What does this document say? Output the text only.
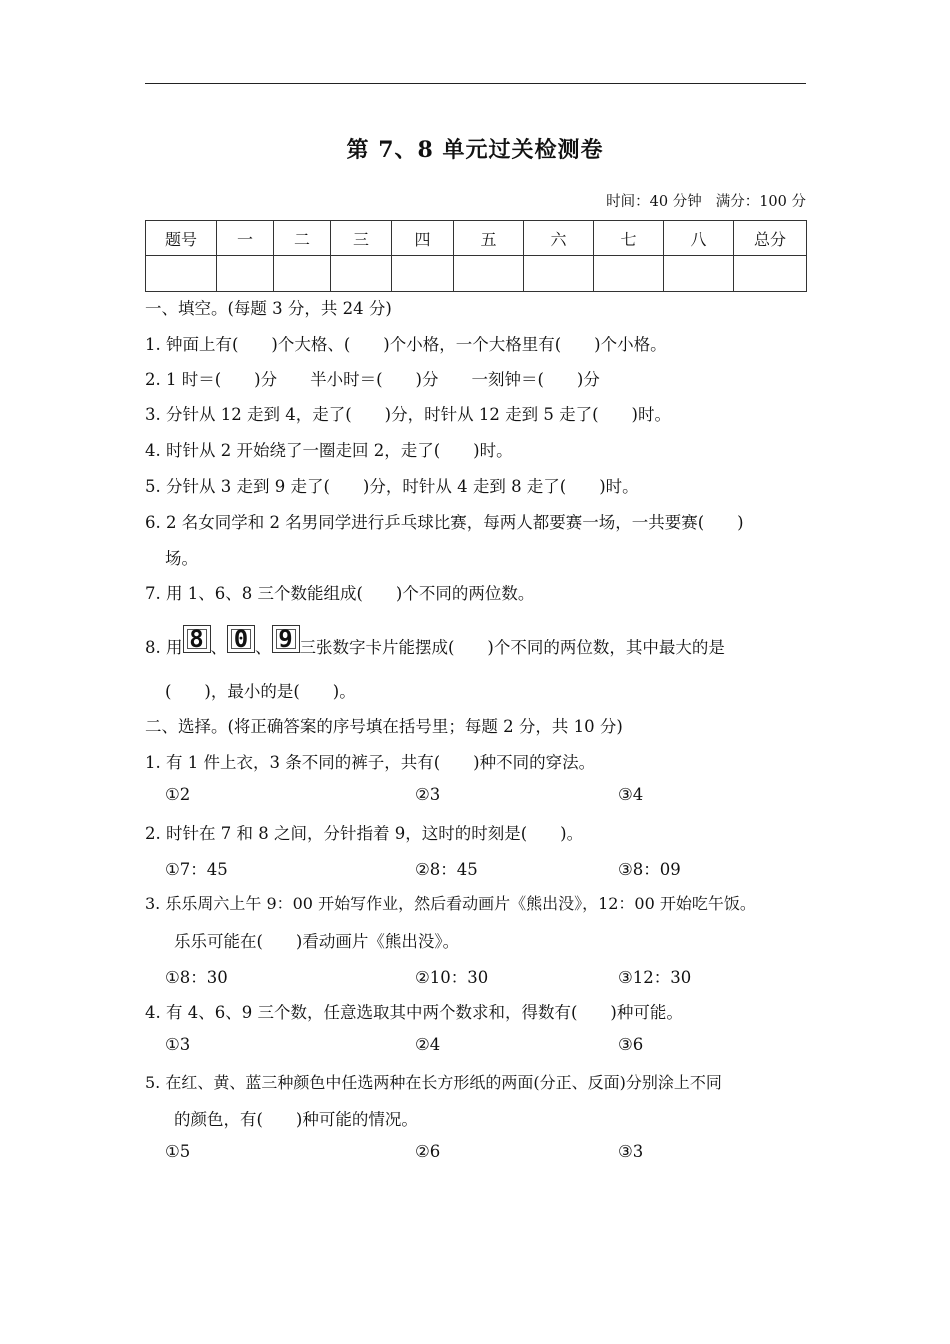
第 7、8 单元过关检测卷
时间：40 分钟 满分：100 分
题号	一	二	三	四	五	六	七	八	总分

一、填空。(每题 3 分，共 24 分)
1. 钟面上有(　　)个大格、(　　)个小格，一个大格里有(　　)个小格。
2. 1 时＝(　　)分　　半小时＝(　　)分　　一刻钟＝(　　)分
3. 分针从 12 走到 4，走了(　　)分，时针从 12 走到 5 走了(　　)时。
4. 时针从 2 开始绕了一圈走回 2，走了(　　)时。
5. 分针从 3 走到 9 走了(　　)分，时针从 4 走到 8 走了(　　)时。
6. 2 名女同学和 2 名男同学进行乒乓球比赛，每两人都要赛一场，一共要赛(　　)
场。
7. 用 1、6、8 三个数能组成(　　)个不同的两位数。
8. 用 8 、 0 、 9 三张数字卡片能摆成(　　)个不同的两位数，其中最大的是
(　　)，最小的是(　　)。
二、选择。(将正确答案的序号填在括号里；每题 2 分，共 10 分)
1. 有 1 件上衣，3 条不同的裤子，共有(　　)种不同的穿法。
①2	②3	③4
2. 时针在 7 和 8 之间，分针指着 9，这时的时刻是(　　)。
①7：45	②8：45	③8：09
3. 乐乐周六上午 9：00 开始写作业，然后看动画片《熊出没》，12：00 开始吃午饭。
乐乐可能在(　　)看动画片《熊出没》。
①8：30	②10：30	③12：30
4. 有 4、6、9 三个数，任意选取其中两个数求和，得数有(　　)种可能。
①3	②4	③6
5. 在红、黄、蓝三种颜色中任选两种在长方形纸的两面(分正、反面)分别涂上不同
的颜色，有(　　)种可能的情况。
①5	②6	③3
